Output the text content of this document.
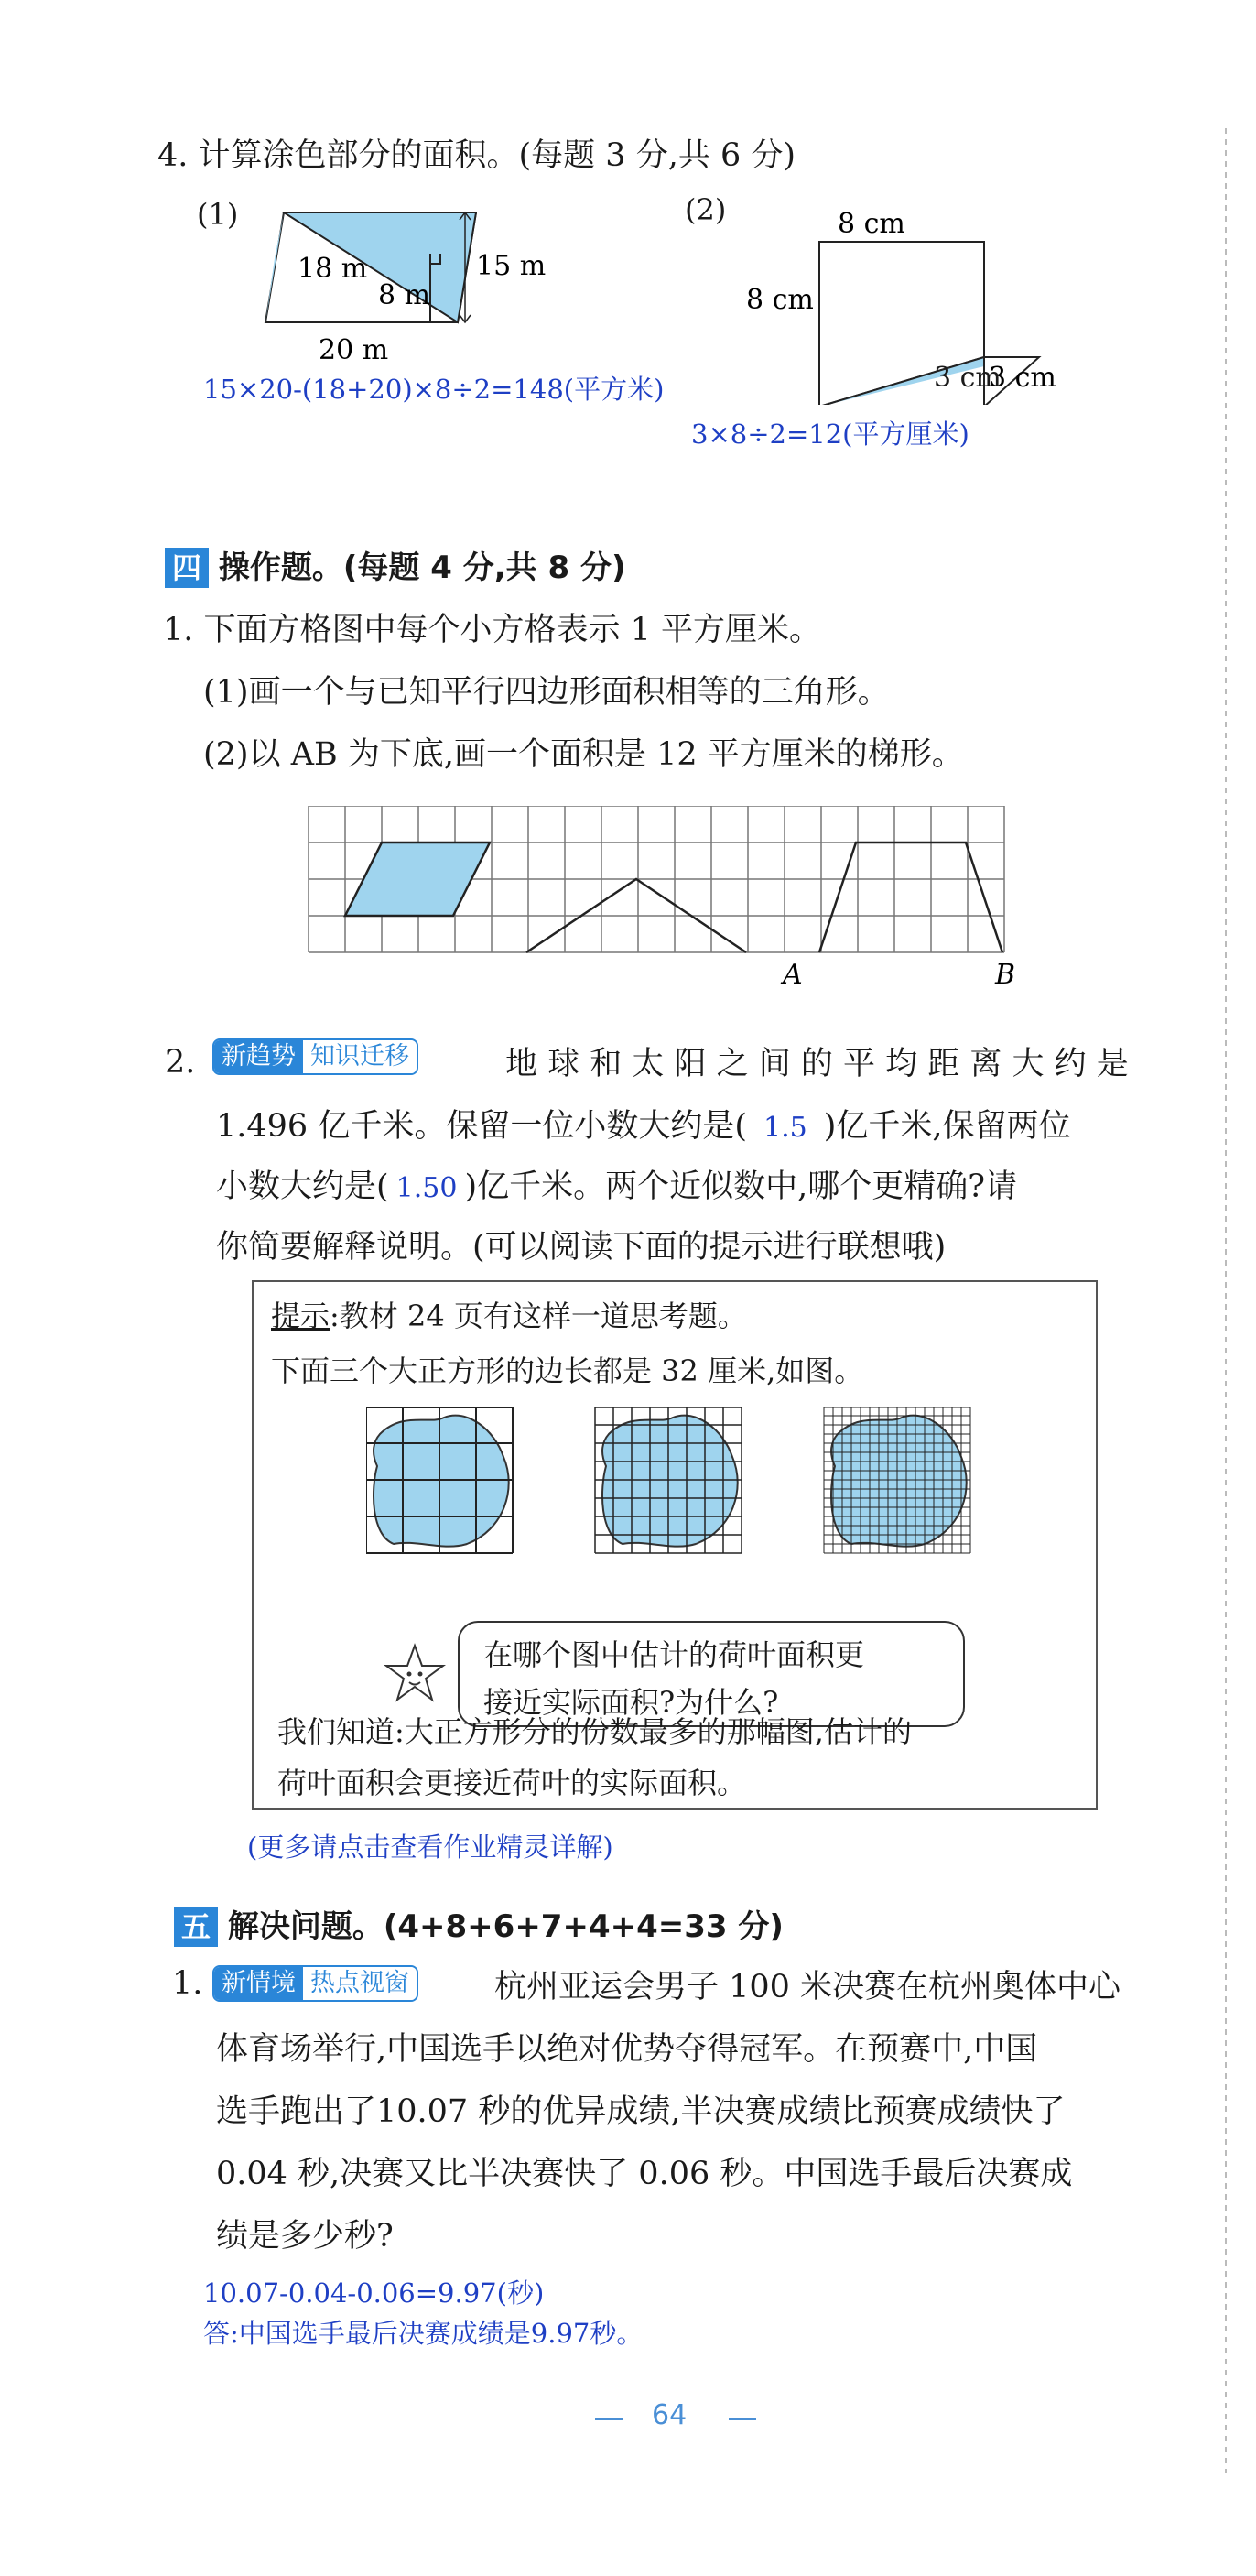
4. 计算涂色部分的面积。(每题 3 分,共 6 分)
(1)	(2)
18 m
8 m
15 m
20 m
8 cm
8 cm
3 cm
3 cm
15×20-(18+20)×8÷2=148(平方米)
3×8÷2=12(平方厘米)
四 操作题。(每题 4 分,共 8 分)
1. 下面方格图中每个小方格表示 1 平方厘米。
(1)画一个与已知平行四边形面积相等的三角形。
(2)以 AB 为下底,画一个面积是 12 平方厘米的梯形。
A	B
2. 新趋势 知识迁移	地 球 和 太 阳 之 间 的 平 均 距 离 大 约 是
1.496 亿千米。保留一位小数大约是( 1.5 )亿千米,保留两位
小数大约是( 1.50 )亿千米。两个近似数中,哪个更精确?请
你简要解释说明。(可以阅读下面的提示进行联想哦)
提示:教材 24 页有这样一道思考题。
下面三个大正方形的边长都是 32 厘米,如图。
在哪个图中估计的荷叶面积更
接近实际面积?为什么?
我们知道:大正方形分的份数最多的那幅图,估计的
荷叶面积会更接近荷叶的实际面积。
(更多请点击查看作业精灵详解)
五 解决问题。(4+8+6+7+4+4=33 分)
1. 新情境 热点视窗	杭州亚运会男子 100 米决赛在杭州奥体中心
体育场举行,中国选手以绝对优势夺得冠军。在预赛中,中国
选手跑出了10.07 秒的优异成绩,半决赛成绩比预赛成绩快了
0.04 秒,决赛又比半决赛快了 0.06 秒。中国选手最后决赛成
绩是多少秒?
10.07-0.04-0.06=9.97(秒)
答:中国选手最后决赛成绩是9.97秒。
64
